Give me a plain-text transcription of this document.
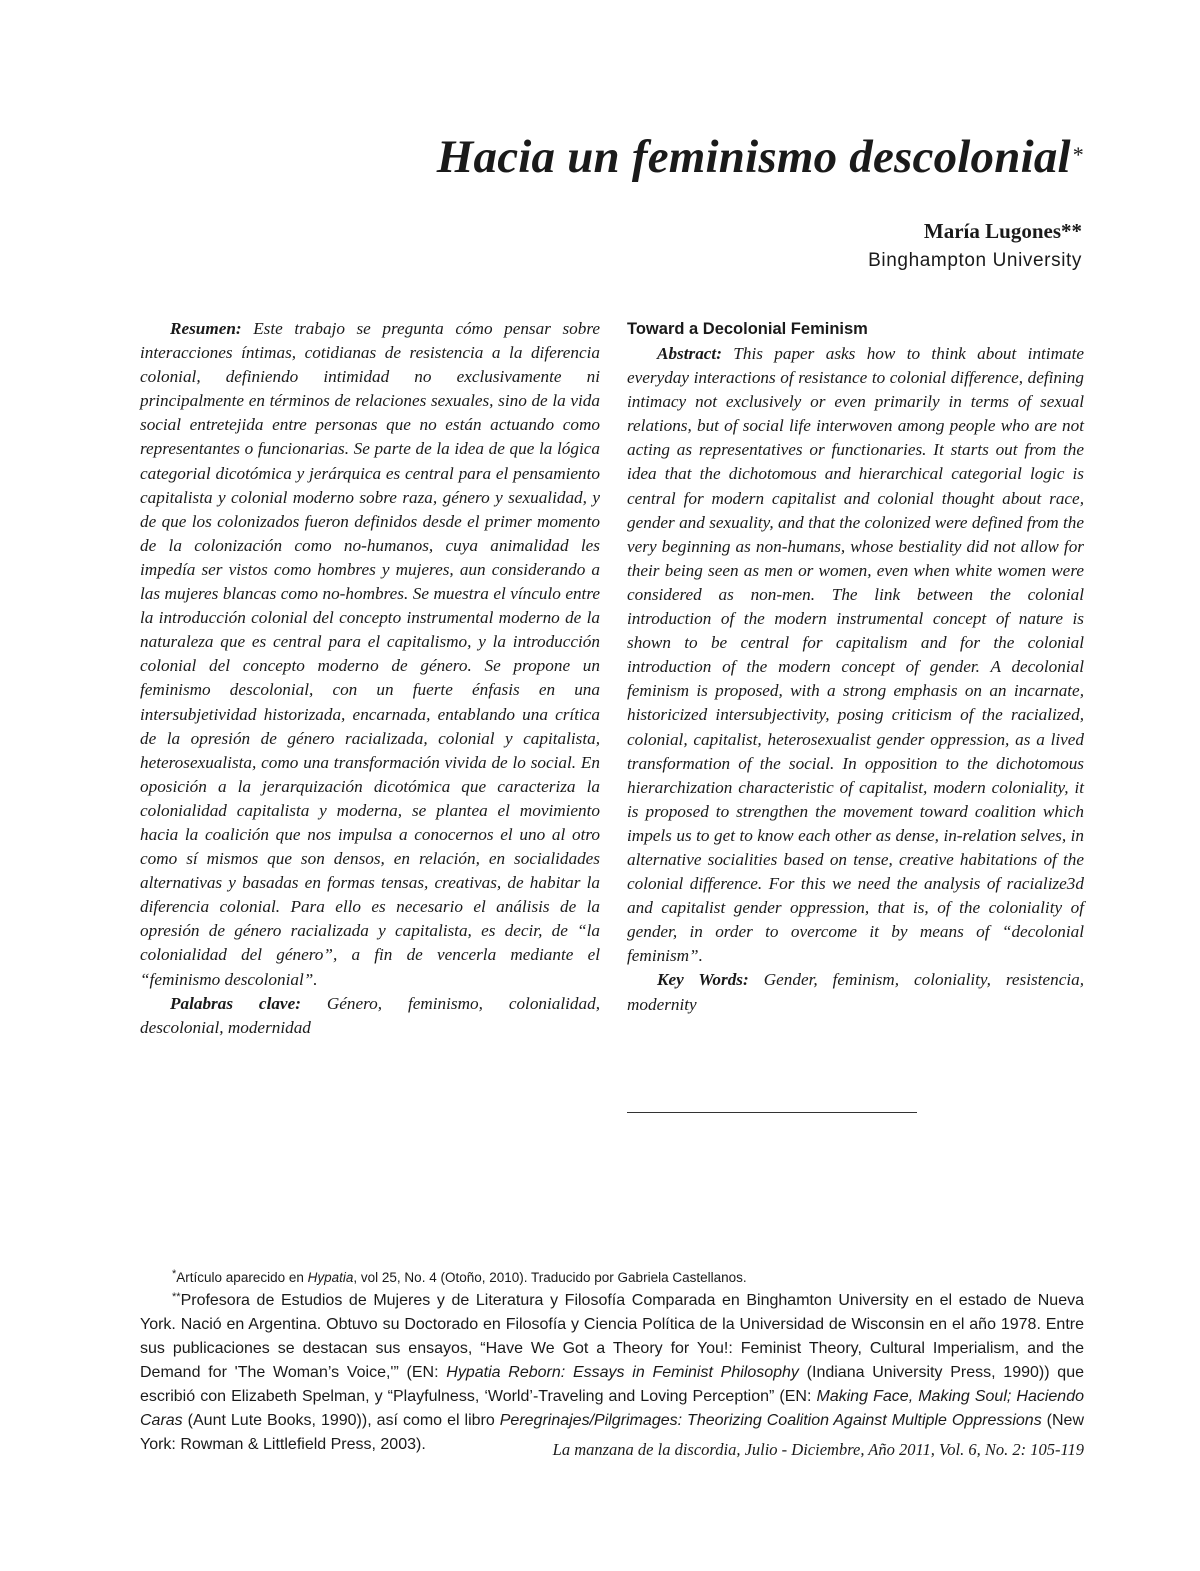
Hacia un feminismo descolonial*
María Lugones**
Binghampton University

Resumen: Este trabajo se pregunta cómo pensar sobre interacciones íntimas, cotidianas de resistencia a la diferencia colonial, definiendo intimidad no exclusivamente ni principalmente en términos de relaciones sexuales, sino de la vida social entretejida entre personas que no están actuando como representantes o funcionarias. Se parte de la idea de que la lógica categorial dicotómica y jerárquica es central para el pensamiento capitalista y colonial moderno sobre raza, género y sexualidad, y de que los colonizados fueron definidos desde el primer momento de la colonización como no-humanos, cuya animalidad les impedía ser vistos como hombres y mujeres, aun considerando a las mujeres blancas como no-hombres. Se muestra el vínculo entre la introducción colonial del concepto instrumental moderno de la naturaleza que es central para el capitalismo, y la introducción colonial del concepto moderno de género. Se propone un feminismo descolonial, con un fuerte énfasis en una intersubjetividad historizada, encarnada, entablando una crítica de la opresión de género racializada, colonial y capitalista, heterosexualista, como una transformación vivida de lo social. En oposición a la jerarquización dicotómica que caracteriza la colonialidad capitalista y moderna, se plantea el movimiento hacia la coalición que nos impulsa a conocernos el uno al otro como sí mismos que son densos, en relación, en socialidades alternativas y basadas en formas tensas, creativas, de habitar la diferencia colonial. Para ello es necesario el análisis de la opresión de género racializada y capitalista, es decir, de “la colonialidad del género”, a fin de vencerla mediante el “feminismo descolonial”.

Palabras clave: Género, feminismo, colonialidad, descolonial, modernidad

Toward a Decolonial Feminism

Abstract: This paper asks how to think about intimate everyday interactions of resistance to colonial difference, defining intimacy not exclusively or even primarily in terms of sexual relations, but of social life interwoven among people who are not acting as representatives or functionaries. It starts out from the idea that the dichotomous and hierarchical categorial logic is central for modern capitalist and colonial thought about race, gender and sexuality, and that the colonized were defined from the very beginning as non-humans, whose bestiality did not allow for their being seen as men or women, even when white women were considered as non-men. The link between the colonial introduction of the modern instrumental concept of nature is shown to be central for capitalism and for the colonial introduction of the modern concept of gender. A decolonial feminism is proposed, with a strong emphasis on an incarnate, historicized intersubjectivity, posing criticism of the racialized, colonial, capitalist, heterosexualist gender oppression, as a lived transformation of the social. In opposition to the dichotomous hierarchization characteristic of capitalist, modern coloniality, it is proposed to strengthen the movement toward coalition which impels us to get to know each other as dense, in-relation selves, in alternative socialities based on tense, creative habitations of the colonial difference. For this we need the analysis of racialize3d and capitalist gender oppression, that is, of the coloniality of gender, in order to overcome it by means of “decolonial feminism”.

Key Words: Gender, feminism, coloniality, resistencia, modernity

*Artículo aparecido en Hypatia, vol 25, No. 4 (Otoño, 2010). Traducido por Gabriela Castellanos.
**Profesora de Estudios de Mujeres y de Literatura y Filosofía Comparada en Binghamton University en el estado de Nueva York. Nació en Argentina. Obtuvo su Doctorado en Filosofía y Ciencia Política de la Universidad de Wisconsin en el año 1978. Entre sus publicaciones se destacan sus ensayos, “Have We Got a Theory for You!: Feminist Theory, Cultural Imperialism, and the Demand for 'The Woman’s Voice,'” (EN: Hypatia Reborn: Essays in Feminist Philosophy (Indiana University Press, 1990)) que escribió con Elizabeth Spelman, y “Playfulness, ‘World’-Traveling and Loving Perception” (EN: Making Face, Making Soul; Haciendo Caras (Aunt Lute Books, 1990)), así como el libro Peregrinajes/Pilgrimages: Theorizing Coalition Against Multiple Oppressions (New York: Rowman & Littlefield Press, 2003).	La manzana de la discordia, Julio - Diciembre, Año 2011, Vol. 6, No. 2: 105-119
